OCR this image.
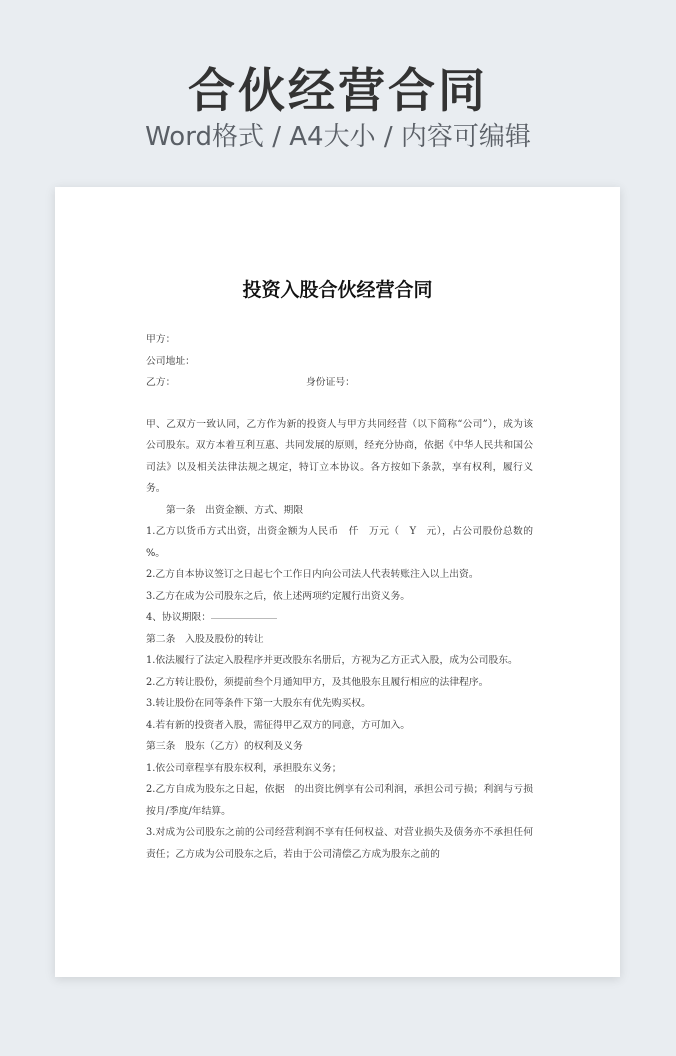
合伙经营合同
Word格式 / A4大小 / 内容可编辑
投资入股合伙经营合同

甲方：

公司地址：

乙方：	身份证号：

甲、乙双方一致认同，乙方作为新的投资人与甲方共同经营（以下简称“公司”），成为该公司股东。双方本着互利互惠、共同发展的原则，经充分协商，依据《中华人民共和国公司法》以及相关法律法规之规定，特订立本协议。各方按如下条款，享有权利，履行义务。

第一条　出资金额、方式、期限

1.乙方以货币方式出资，出资金额为人民币　仟　万元（　Y　元），占公司股份总数的　%。

2.乙方自本协议签订之日起七个工作日内向公司法人代表转账注入以上出资。

3.乙方在成为公司股东之后，依上述两项约定履行出资义务。

4、协议期限：

第二条　入股及股份的转让

1.依法履行了法定入股程序并更改股东名册后，方视为乙方正式入股，成为公司股东。

2.乙方转让股份，须提前叁个月通知甲方，及其他股东且履行相应的法律程序。

3.转让股份在同等条件下第一大股东有优先购买权。

4.若有新的投资者入股，需征得甲乙双方的同意，方可加入。

第三条　股东（乙方）的权利及义务

1.依公司章程享有股东权利，承担股东义务；

2.乙方自成为股东之日起，依据　的出资比例享有公司利润，承担公司亏损；利润与亏损按月/季度/年结算。

3.对成为公司股东之前的公司经营利润不享有任何权益、对营业损失及债务亦不承担任何责任；乙方成为公司股东之后，若由于公司清偿乙方成为股东之前的
